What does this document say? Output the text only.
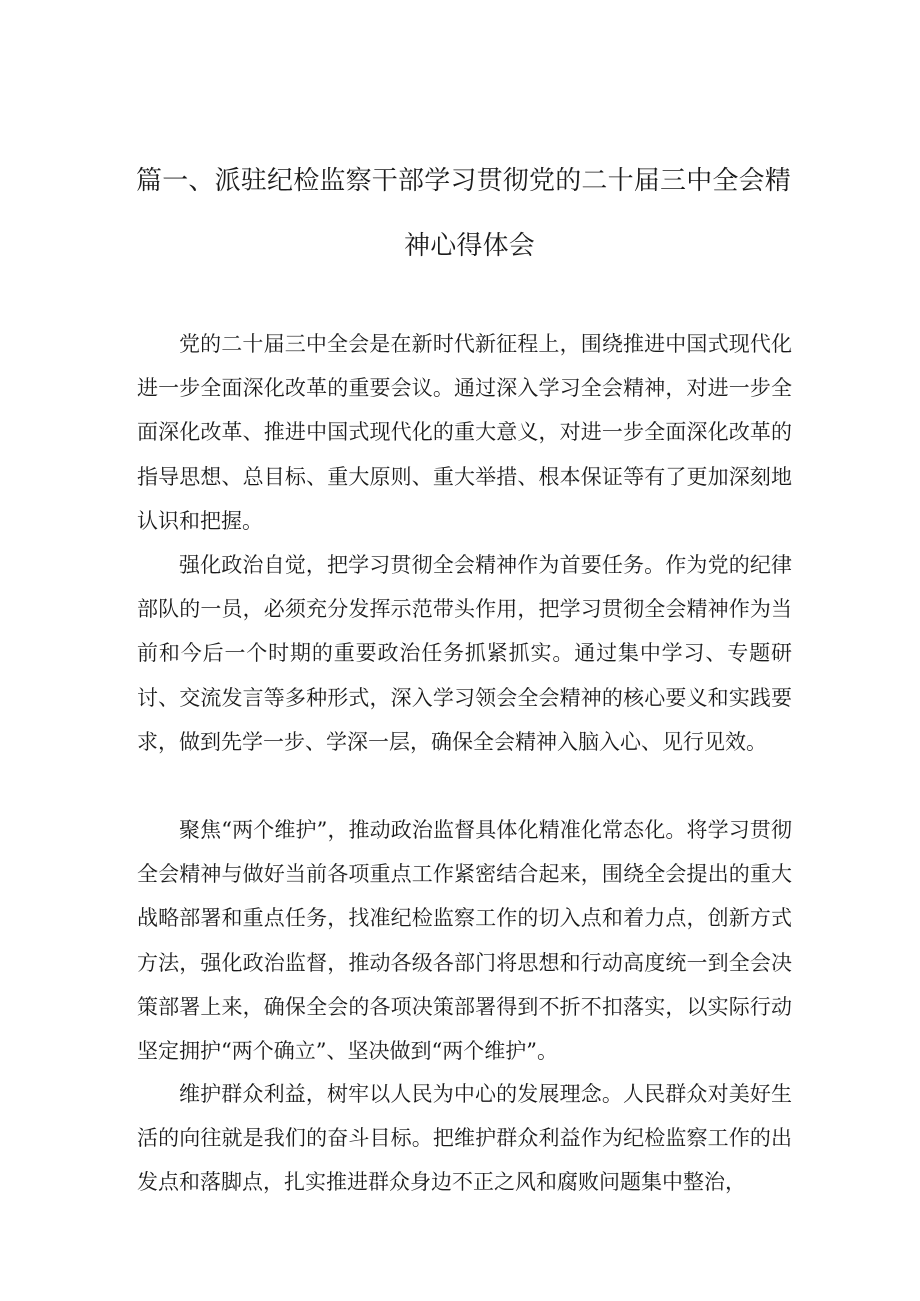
篇一、派驻纪检监察干部学习贯彻党的二十届三中全会精
神心得体会

党的二十届三中全会是在新时代新征程上，围绕推进中国式现代化进一步全面深化改革的重要会议。通过深入学习全会精神，对进一步全面深化改革、推进中国式现代化的重大意义，对进一步全面深化改革的指导思想、总目标、重大原则、重大举措、根本保证等有了更加深刻地认识和把握。

强化政治自觉，把学习贯彻全会精神作为首要任务。作为党的纪律部队的一员，必须充分发挥示范带头作用，把学习贯彻全会精神作为当前和今后一个时期的重要政治任务抓紧抓实。通过集中学习、专题研讨、交流发言等多种形式，深入学习领会全会精神的核心要义和实践要求，做到先学一步、学深一层，确保全会精神入脑入心、见行见效。

聚焦“两个维护”，推动政治监督具体化精准化常态化。将学习贯彻全会精神与做好当前各项重点工作紧密结合起来，围绕全会提出的重大战略部署和重点任务，找准纪检监察工作的切入点和着力点，创新方式方法，强化政治监督，推动各级各部门将思想和行动高度统一到全会决策部署上来，确保全会的各项决策部署得到不折不扣落实，以实际行动坚定拥护“两个确立”、坚决做到“两个维护”。

维护群众利益，树牢以人民为中心的发展理念。人民群众对美好生活的向往就是我们的奋斗目标。把维护群众利益作为纪检监察工作的出发点和落脚点，扎实推进群众身边不正之风和腐败问题集中整治，
